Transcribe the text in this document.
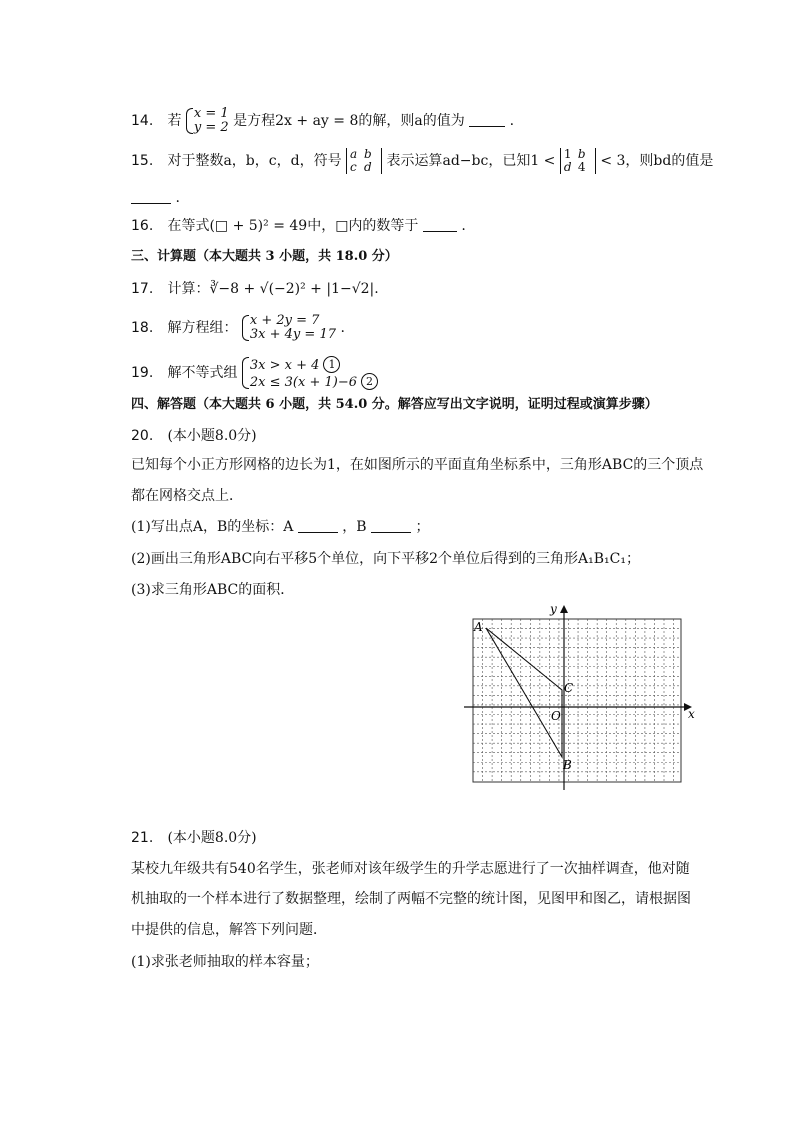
14. 若 x = 1
y = 2 是方程2x + ay = 8的解，则a的值为	.
15. 对于整数a，b，c，d，符号 a b
c d	表示运算ad−bc，已知1 < 1 b
d 4	< 3，则bd的值是
.
16. 在等式(□ + 5)² = 49中，□内的数等于	.
三、计算题（本大题共 3 小题，共 18.0 分）
17. 计算：∛−8 + √(−2)² + |1−√2|.
18. 解方程组： x + 2y = 7
3x + 4y = 17 .
19. 解不等式组 3x > x + 4 1
2x ≤ 3(x + 1)−6 2
四、解答题（本大题共 6 小题，共 54.0 分。解答应写出文字说明，证明过程或演算步骤）
20. (本小题8.0分)
已知每个小正方形网格的边长为1，在如图所示的平面直角坐标系中，三角形ABC的三个顶点
都在网格交点上．
(1)写出点A，B的坐标：A	，B	；
(2)画出三角形ABC向右平移5个单位，向下平移2个单位后得到的三角形A₁B₁C₁；
(3)求三角形ABC的面积．
A
B
C
O	x
y
21. (本小题8.0分)
某校九年级共有540名学生，张老师对该年级学生的升学志愿进行了一次抽样调查，他对随
机抽取的一个样本进行了数据整理，绘制了两幅不完整的统计图，见图甲和图乙，请根据图
中提供的信息，解答下列问题．
(1)求张老师抽取的样本容量；
